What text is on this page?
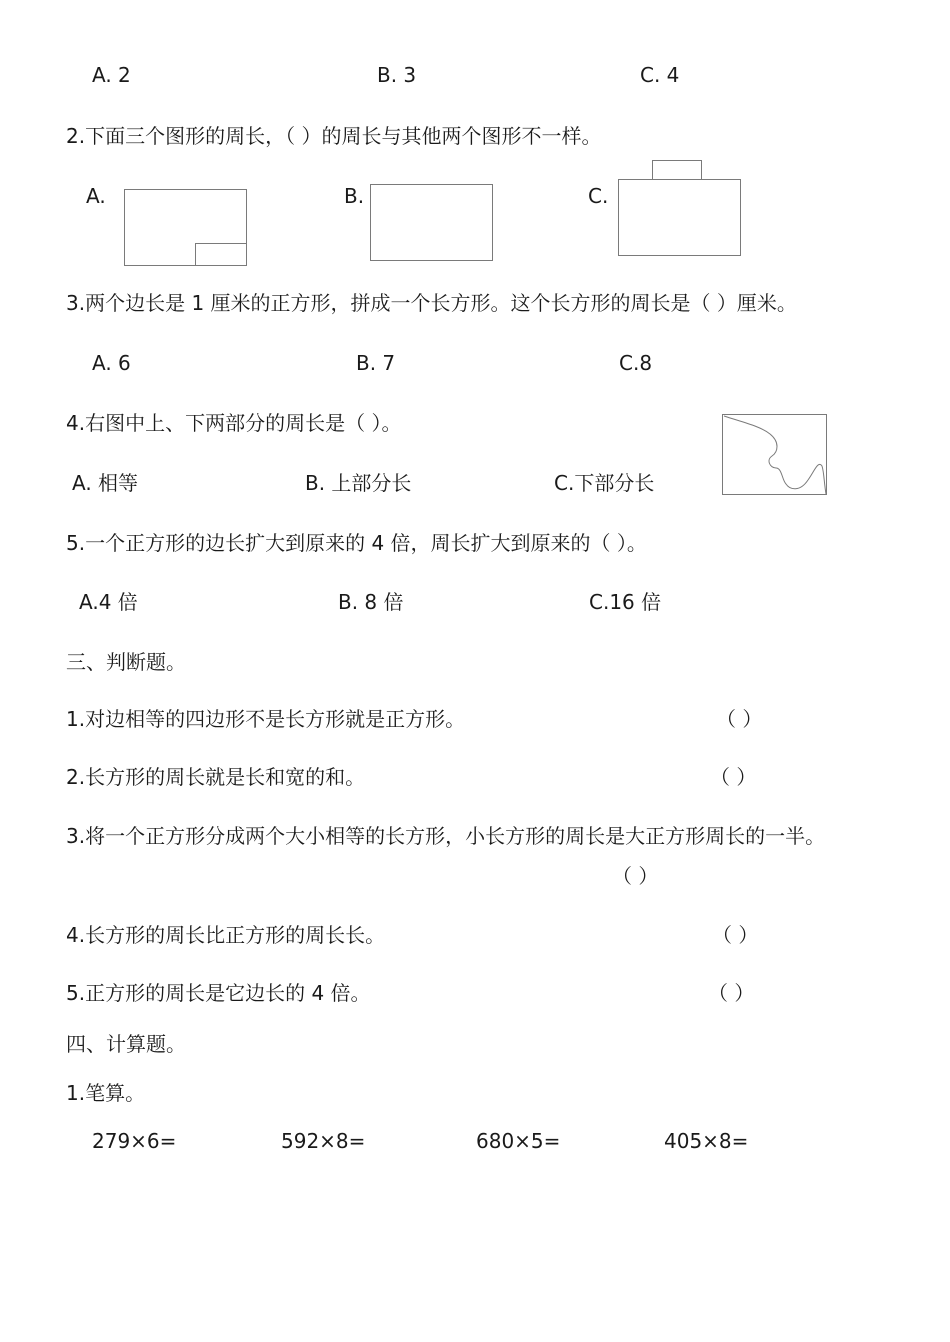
A. 2	B. 3	C. 4
2.下面三个图形的周长，（ ）的周长与其他两个图形不一样。
A.	B.	C.
3.两个边长是 1 厘米的正方形，拼成一个长方形。这个长方形的周长是（ ）厘米。
A. 6	B. 7	C.8
4.右图中上、下两部分的周长是（ ）。
A. 相等	B. 上部分长	C.下部分长
5.一个正方形的边长扩大到原来的 4 倍，周长扩大到原来的（ ）。
A.4 倍	B. 8 倍	C.16 倍
三、判断题。
1.对边相等的四边形不是长方形就是正方形。	（ ）
2.长方形的周长就是长和宽的和。	（ ）
3.将一个正方形分成两个大小相等的长方形，小长方形的周长是大正方形周长的一半。
（ ）
4.长方形的周长比正方形的周长长。	（ ）
5.正方形的周长是它边长的 4 倍。	（ ）
四、计算题。
1.笔算。
279×6=	592×8=	680×5=	405×8=
